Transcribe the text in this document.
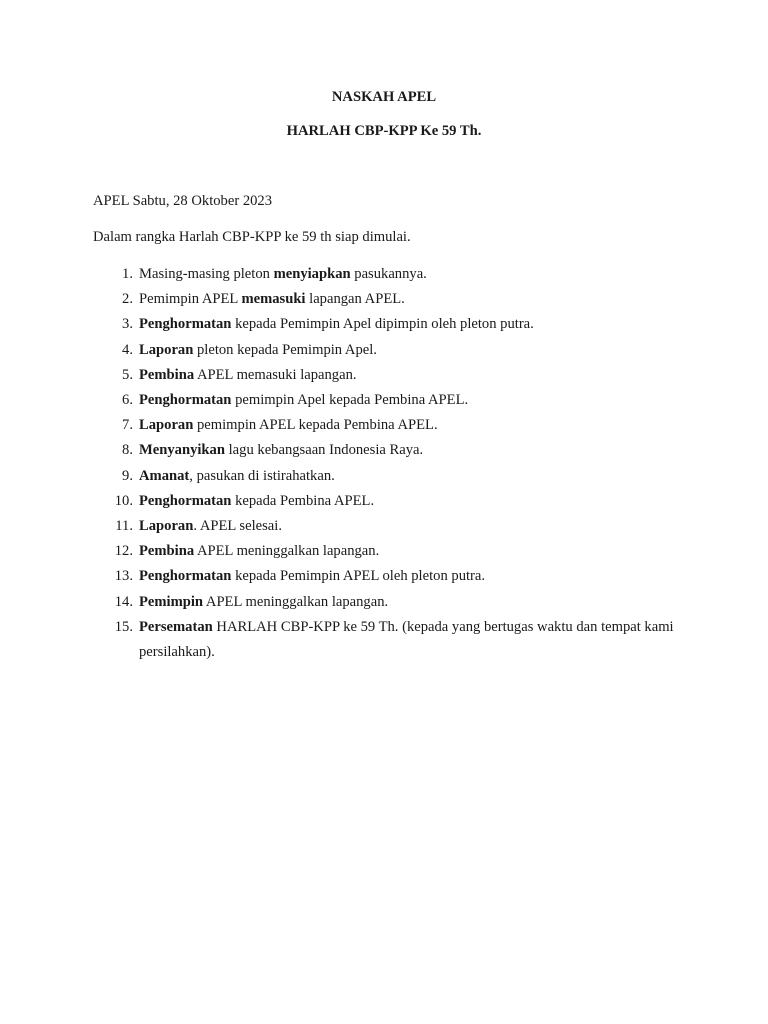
NASKAH APEL

HARLAH CBP-KPP Ke 59 Th.

APEL Sabtu, 28 Oktober 2023

Dalam rangka Harlah CBP-KPP ke 59 th siap dimulai.

1. Masing-masing pleton menyiapkan pasukannya.
2. Pemimpin APEL memasuki lapangan APEL.
3. Penghormatan kepada Pemimpin Apel dipimpin oleh pleton putra.
4. Laporan pleton kepada Pemimpin Apel.
5. Pembina APEL memasuki lapangan.
6. Penghormatan pemimpin Apel kepada Pembina APEL.
7. Laporan pemimpin APEL kepada Pembina APEL.
8. Menyanyikan lagu kebangsaan Indonesia Raya.
9. Amanat, pasukan di istirahatkan.
10. Penghormatan kepada Pembina APEL.
11. Laporan. APEL selesai.
12. Pembina APEL meninggalkan lapangan.
13. Penghormatan kepada Pemimpin APEL oleh pleton putra.
14. Pemimpin APEL meninggalkan lapangan.
15. Persematan HARLAH CBP-KPP ke 59 Th. (kepada yang bertugas waktu dan tempat kami persilahkan).
